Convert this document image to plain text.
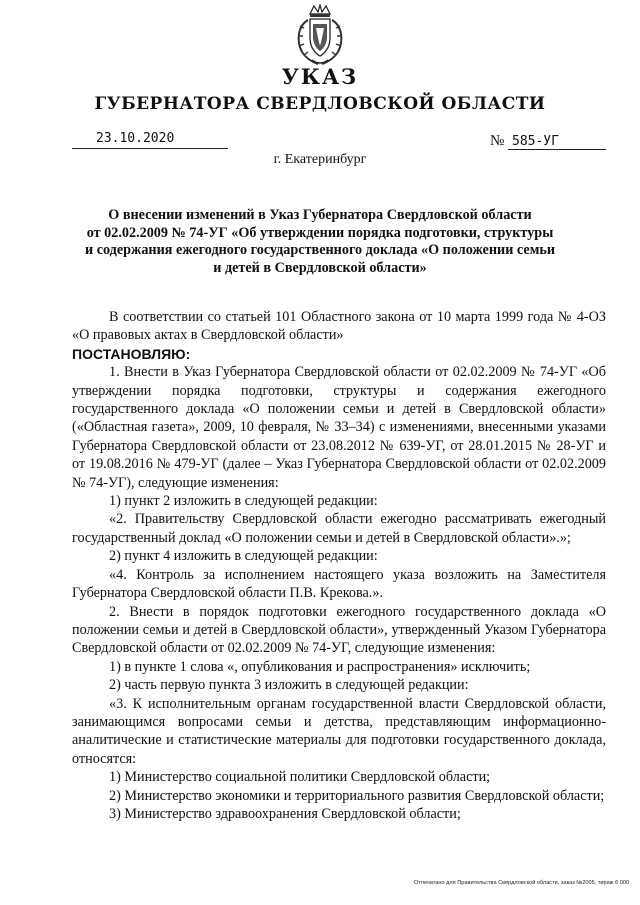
УКАЗ
ГУБЕРНАТОРА СВЕРДЛОВСКОЙ ОБЛАСТИ
23.10.2020	№ 585-УГ
г. Екатеринбург
О внесении изменений в Указ Губернатора Свердловской области
от 02.02.2009 № 74-УГ «Об утверждении порядка подготовки, структуры
и содержания ежегодного государственного доклада «О положении семьи
и детей в Свердловской области»

В соответствии со статьей 101 Областного закона от 10 марта 1999 года № 4-ОЗ «О правовых актах в Свердловской области»

ПОСТАНОВЛЯЮ:

1. Внести в Указ Губернатора Свердловской области от 02.02.2009 № 74-УГ «Об утверждении порядка подготовки, структуры и содержания ежегодного государственного доклада «О положении семьи и детей в Свердловской области» («Областная газета», 2009, 10 февраля, № 33–34) с изменениями, внесенными указами Губернатора Свердловской области от 23.08.2012 № 639-УГ, от 28.01.2015 № 28-УГ и от 19.08.2016 № 479-УГ (далее – Указ Губернатора Свердловской области от 02.02.2009 № 74-УГ), следующие изменения:

1) пункт 2 изложить в следующей редакции:

«2. Правительству Свердловской области ежегодно рассматривать ежегодный государственный доклад «О положении семьи и детей в Свердловской области».»;

2) пункт 4 изложить в следующей редакции:

«4. Контроль за исполнением настоящего указа возложить на Заместителя Губернатора Свердловской области П.В. Крекова.».

2. Внести в порядок подготовки ежегодного государственного доклада «О положении семьи и детей в Свердловской области», утвержденный Указом Губернатора Свердловской области от 02.02.2009 № 74-УГ, следующие изменения:

1) в пункте 1 слова «, опубликования и распространения» исключить;

2) часть первую пункта 3 изложить в следующей редакции:

«3. К исполнительным органам государственной власти Свердловской области, занимающимся вопросами семьи и детства, представляющим информационно-аналитические и статистические материалы для подготовки государственного доклада, относятся:

1) Министерство социальной политики Свердловской области;

2) Министерство экономики и территориального развития Свердловской области;

3) Министерство здравоохранения Свердловской области;

Отпечатано для Правительства Свердловской области, заказ №2005, тираж 6 000
